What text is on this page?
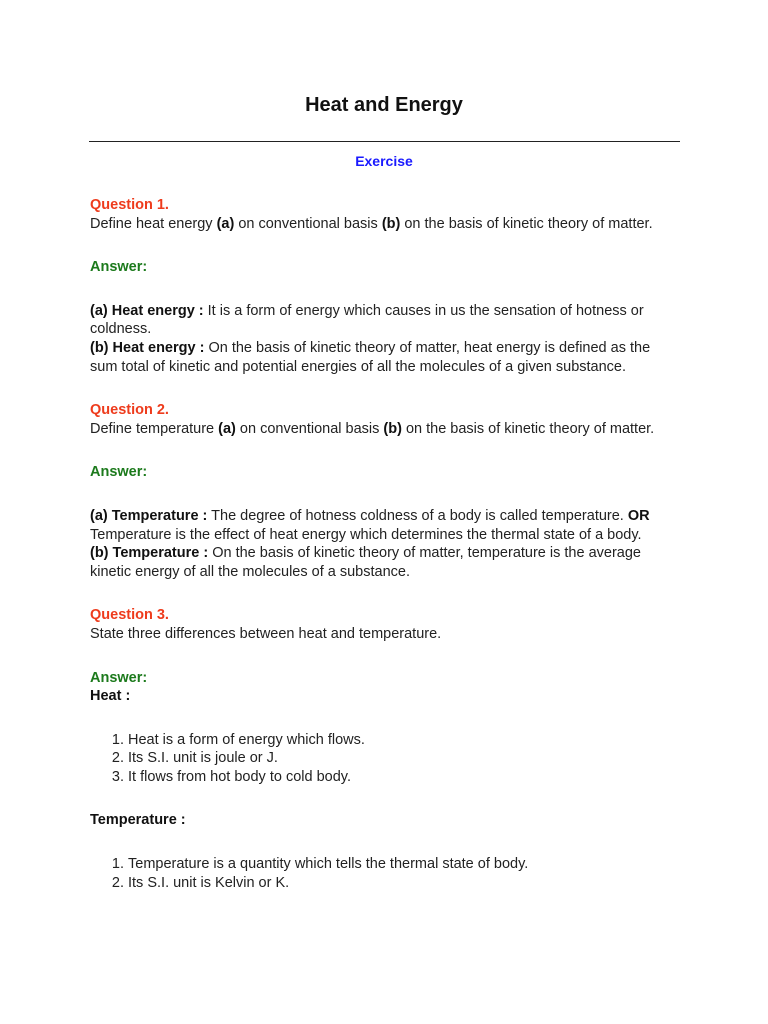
Heat and Energy
Exercise

Question 1.

Define heat energy (a) on conventional basis (b) on the basis of kinetic theory of matter.

Answer:

(a) Heat energy : It is a form of energy which causes in us the sensation of hotness or coldness.

(b) Heat energy : On the basis of kinetic theory of matter, heat energy is defined as the sum total of kinetic and potential energies of all the molecules of a given substance.

Question 2.

Define temperature (a) on conventional basis (b) on the basis of kinetic theory of matter.

Answer:

(a) Temperature : The degree of hotness coldness of a body is called temperature. OR Temperature is the effect of heat energy which determines the thermal state of a body.

(b) Temperature : On the basis of kinetic theory of matter, temperature is the average kinetic energy of all the molecules of a substance.

Question 3.

State three differences between heat and temperature.

Answer:

Heat :

1. Heat is a form of energy which flows.
2. Its S.I. unit is joule or J.
3. It flows from hot body to cold body.

Temperature :

1. Temperature is a quantity which tells the thermal state of body.
2. Its S.I. unit is Kelvin or K.
